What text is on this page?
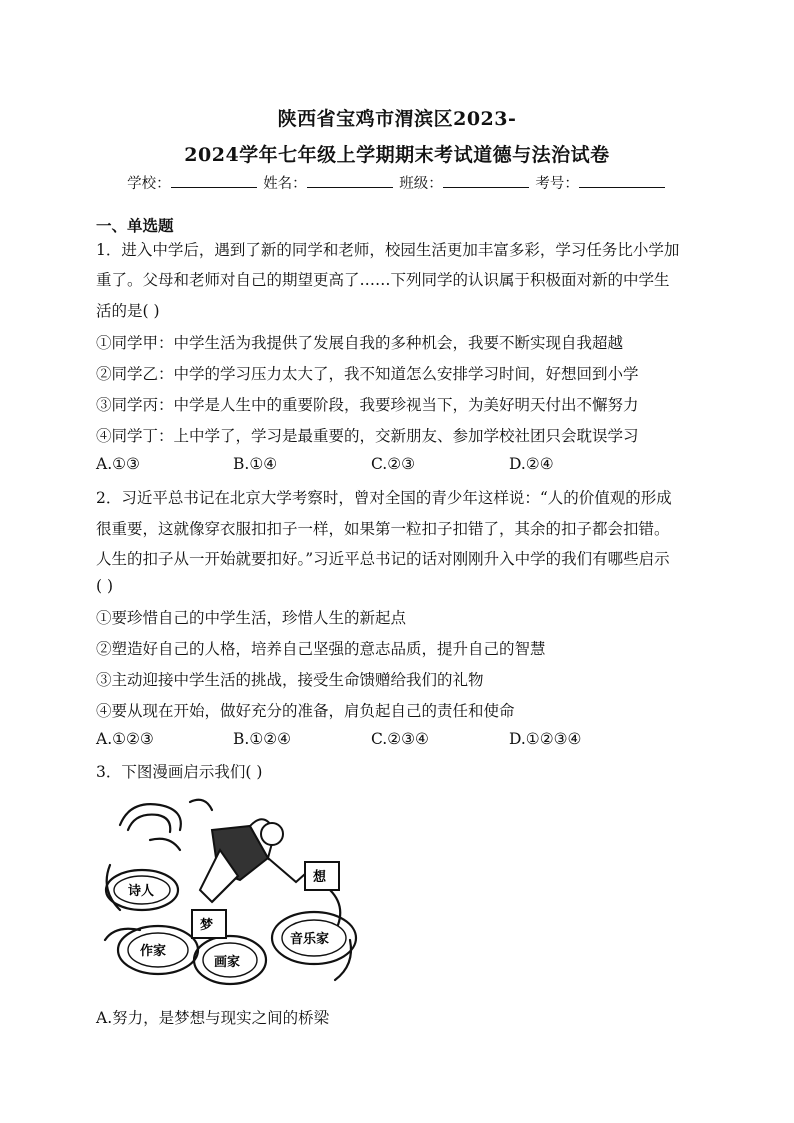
陕西省宝鸡市渭滨区2023-
2024学年七年级上学期期末考试道德与法治试卷
学校：	姓名：	班级：	考号：
一、单选题
1．进入中学后，遇到了新的同学和老师，校园生活更加丰富多彩，学习任务比小学加
重了。父母和老师对自己的期望更高了……下列同学的认识属于积极面对新的中学生
活的是( )
①同学甲：中学生活为我提供了发展自我的多种机会，我要不断实现自我超越
②同学乙：中学的学习压力太大了，我不知道怎么安排学习时间，好想回到小学
③同学丙：中学是人生中的重要阶段，我要珍视当下，为美好明天付出不懈努力
④同学丁：上中学了，学习是最重要的，交新朋友、参加学校社团只会耽误学习
A.①③	B.①④	C.②③	D.②④
2．习近平总书记在北京大学考察时，曾对全国的青少年这样说：“人的价值观的形成
很重要，这就像穿衣服扣扣子一样，如果第一粒扣子扣错了，其余的扣子都会扣错。
人生的扣子从一开始就要扣好。”习近平总书记的话对刚刚升入中学的我们有哪些启示
( )
①要珍惜自己的中学生活，珍惜人生的新起点
②塑造好自己的人格，培养自己坚强的意志品质，提升自己的智慧
③主动迎接中学生活的挑战，接受生命馈赠给我们的礼物
④要从现在开始，做好充分的准备，肩负起自己的责任和使命
A.①②③	B.①②④	C.②③④	D.①②③④
3．下图漫画启示我们( )
梦
想
诗人
作家
画家
音乐家
A.努力，是梦想与现实之间的桥梁
